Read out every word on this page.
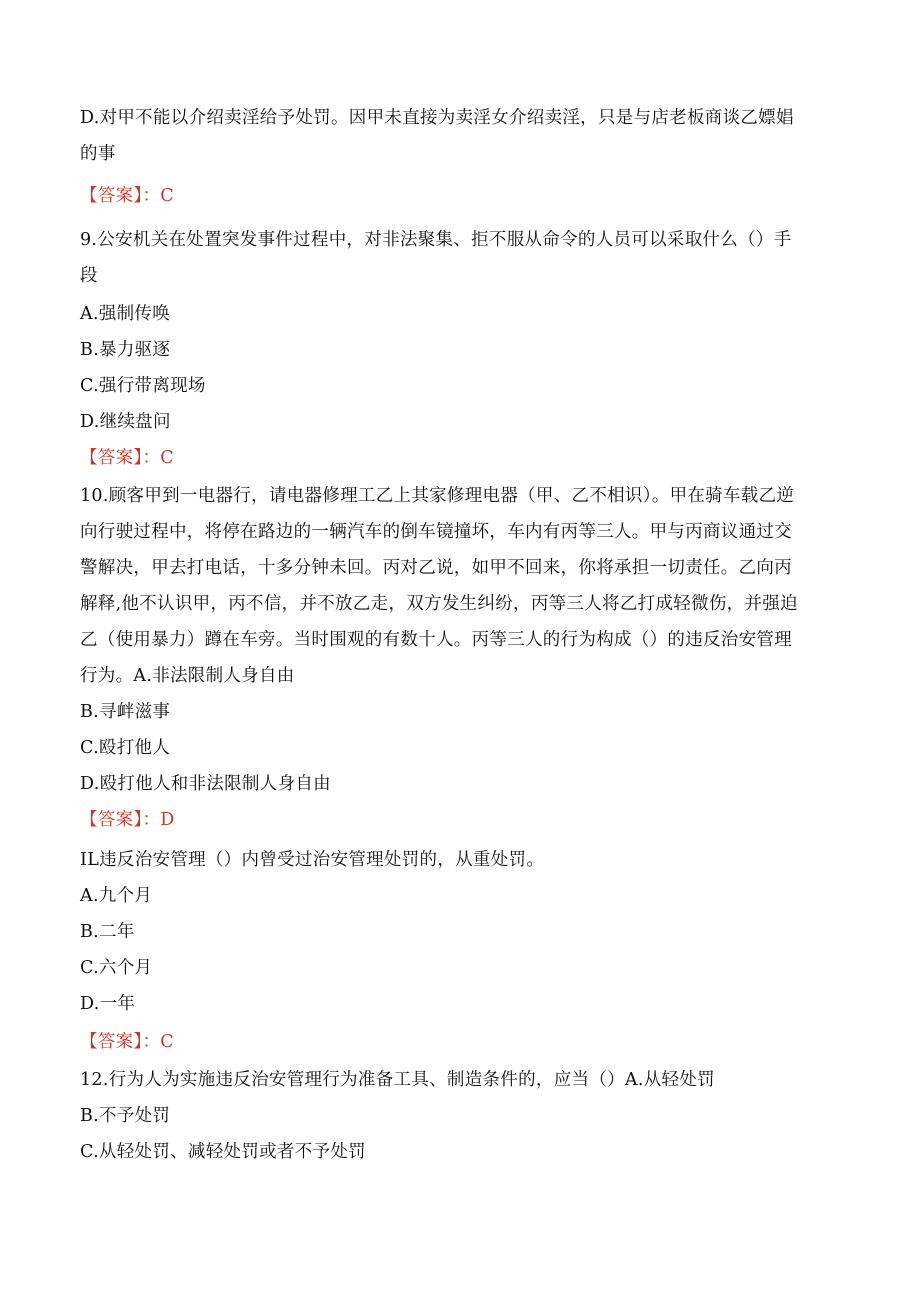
D.对甲不能以介绍卖淫给予处罚。因甲未直接为卖淫女介绍卖淫，只是与店老板商谈乙嫖娼
的事
【答案】：C
9.公安机关在处置突发事件过程中，对非法聚集、拒不服从命令的人员可以采取什么（）手
段
A.强制传唤
B.暴力驱逐
C.强行带离现场
D.继续盘问
【答案】：C
10.顾客甲到一电器行，请电器修理工乙上其家修理电器（甲、乙不相识）。甲在骑车载乙逆
向行驶过程中，将停在路边的一辆汽车的倒车镜撞坏，车内有丙等三人。甲与丙商议通过交
警解决，甲去打电话，十多分钟未回。丙对乙说，如甲不回来，你将承担一切责任。乙向丙
解释,他不认识甲，丙不信，并不放乙走，双方发生纠纷，丙等三人将乙打成轻微伤，并强迫
乙（使用暴力）蹲在车旁。当时围观的有数十人。丙等三人的行为构成（）的违反治安管理
行为。A.非法限制人身自由
B.寻衅滋事
C.殴打他人
D.殴打他人和非法限制人身自由
【答案】：D
IL违反治安管理（）内曾受过治安管理处罚的，从重处罚。
A.九个月
B.二年
C.六个月
D.一年
【答案】：C
12.行为人为实施违反治安管理行为准备工具、制造条件的，应当（）A.从轻处罚
B.不予处罚
C.从轻处罚、减轻处罚或者不予处罚
